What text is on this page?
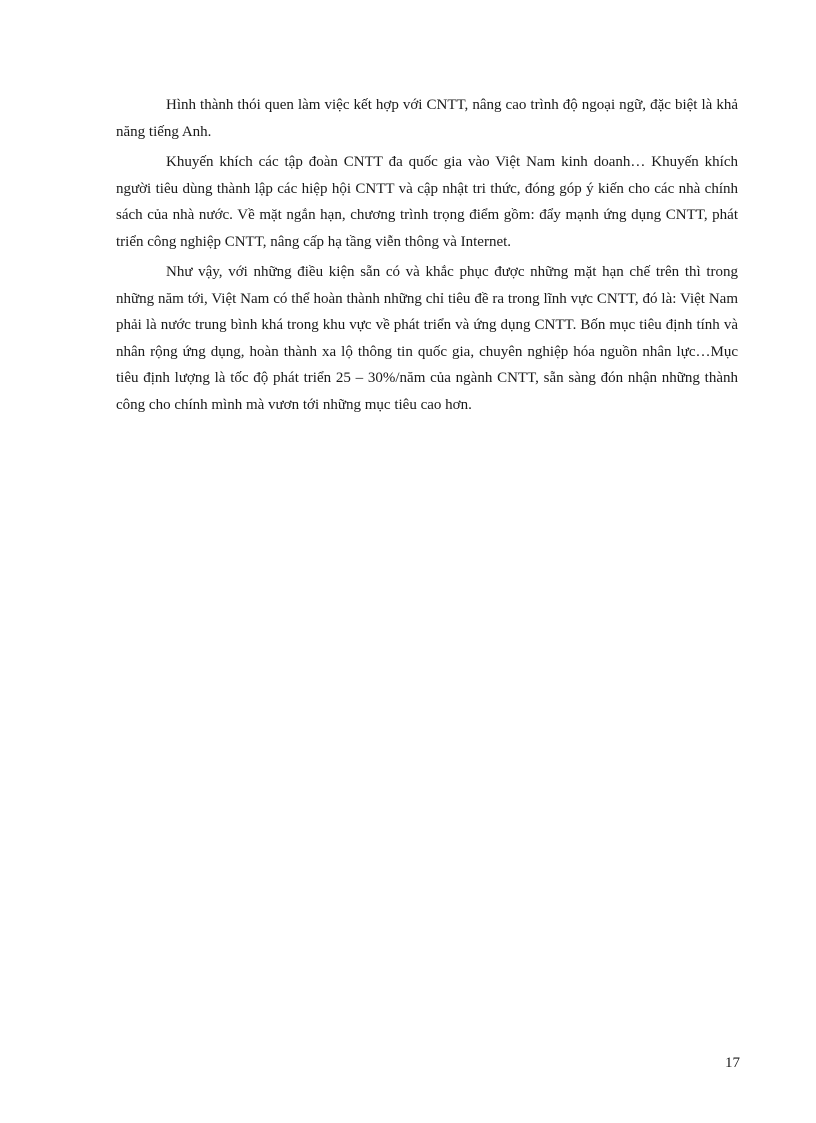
Hình thành thói quen làm việc kết hợp với CNTT, nâng cao trình độ ngoại ngữ, đặc biệt là khả năng tiếng Anh.

Khuyến khích các tập đoàn CNTT đa quốc gia vào Việt Nam kinh doanh… Khuyến khích người tiêu dùng thành lập các hiệp hội CNTT và cập nhật tri thức, đóng góp ý kiến cho các nhà chính sách của nhà nước. Về mặt ngắn hạn, chương trình trọng điểm gồm: đẩy mạnh ứng dụng CNTT, phát triển công nghiệp CNTT, nâng cấp hạ tầng viễn thông và Internet.

Như vậy, với những điều kiện sẵn có và khắc phục được những mặt hạn chế trên thì trong những năm tới, Việt Nam có thể hoàn thành những chỉ tiêu đề ra trong lĩnh vực CNTT, đó là: Việt Nam phải là nước trung bình khá trong khu vực về phát triển và ứng dụng CNTT. Bốn mục tiêu định tính và nhân rộng ứng dụng, hoàn thành xa lộ thông tin quốc gia, chuyên nghiệp hóa nguồn nhân lực…Mục tiêu định lượng là tốc độ phát triển 25 – 30%/năm của ngành CNTT, sẵn sàng đón nhận những thành công cho chính mình mà vươn tới những mục tiêu cao hơn.

17
